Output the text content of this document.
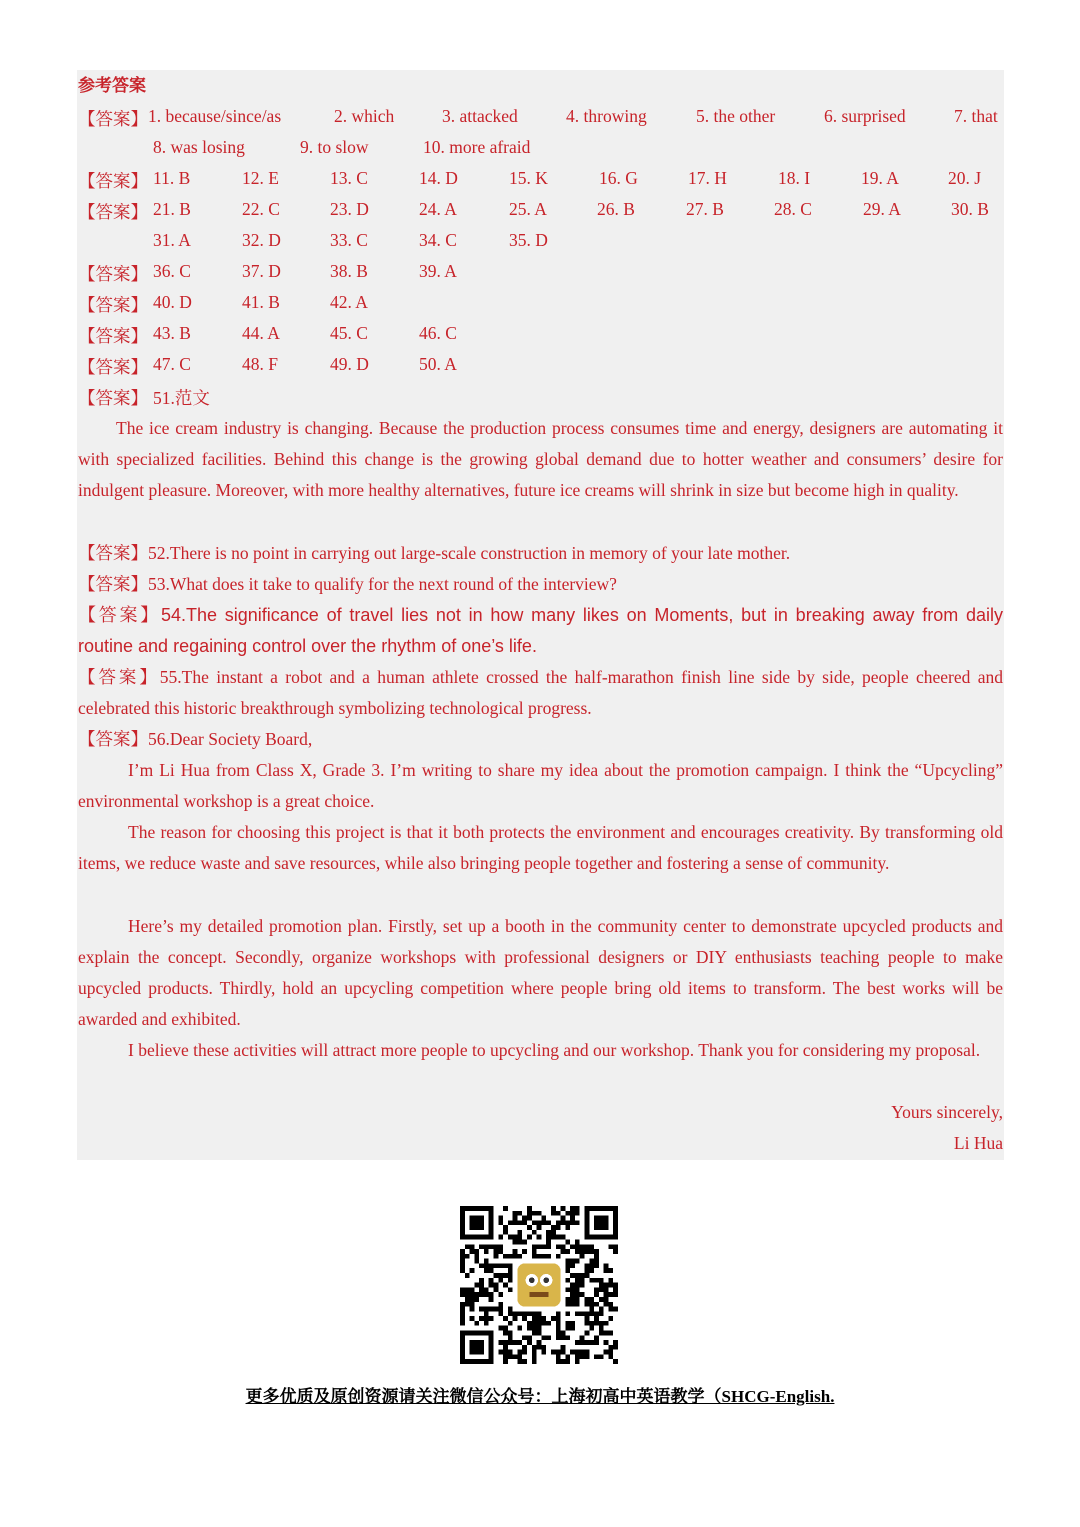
参考答案
【答案】 1. because/since/as	2. which	3. attacked	4. throwing	5. the other	6. surprised	7. that
8. was losing	9. to slow	10. more afraid
【答案】 11. B	12. E	13. C	14. D	15. K	16. G	17. H	18. I	19. A	20. J
【答案】 21. B	22. C	23. D	24. A	25. A	26. B	27. B	28. C	29. A	30. B
31. A	32. D	33. C	34. C	35. D
【答案】 36. C	37. D	38. B	39. A
【答案】 40. D	41. B	42. A
【答案】 43. B	44. A	45. C	46. C
【答案】 47. C	48. F	49. D	50. A
【答案】 51.范文
The ice cream industry is changing. Because the production process consumes time and energy, designers are automating it with specialized facilities. Behind this change is the growing global demand due to hotter weather and consumers’ desire for indulgent pleasure. Moreover, with more healthy alternatives, future ice creams will shrink in size but become high in quality.
【答案】52.There is no point in carrying out large-scale construction in memory of your late mother.
【答案】53.What does it take to qualify for the next round of the interview?
【答案】54.The significance of travel lies not in how many likes on Moments, but in breaking away from daily routine and regaining control over the rhythm of one’s life.
【答案】55.The instant a robot and a human athlete crossed the half-marathon finish line side by side, people cheered and celebrated this historic breakthrough symbolizing technological progress.
【答案】56.Dear Society Board,
I’m Li Hua from Class X, Grade 3. I’m writing to share my idea about the promotion campaign. I think the “Upcycling” environmental workshop is a great choice.
The reason for choosing this project is that it both protects the environment and encourages creativity. By transforming old items, we reduce waste and save resources, while also bringing people together and fostering a sense of community.
Here’s my detailed promotion plan. Firstly, set up a booth in the community center to demonstrate upcycled products and explain the concept. Secondly, organize workshops with professional designers or DIY enthusiasts teaching people to make upcycled products. Thirdly, hold an upcycling competition where people bring old items to transform. The best works will be awarded and exhibited.
I believe these activities will attract more people to upcycling and our workshop. Thank you for considering my proposal.
Yours sincerely,
Li Hua
更多优质及原创资源请关注微信公众号：上海初高中英语教学（SHCG-English.
